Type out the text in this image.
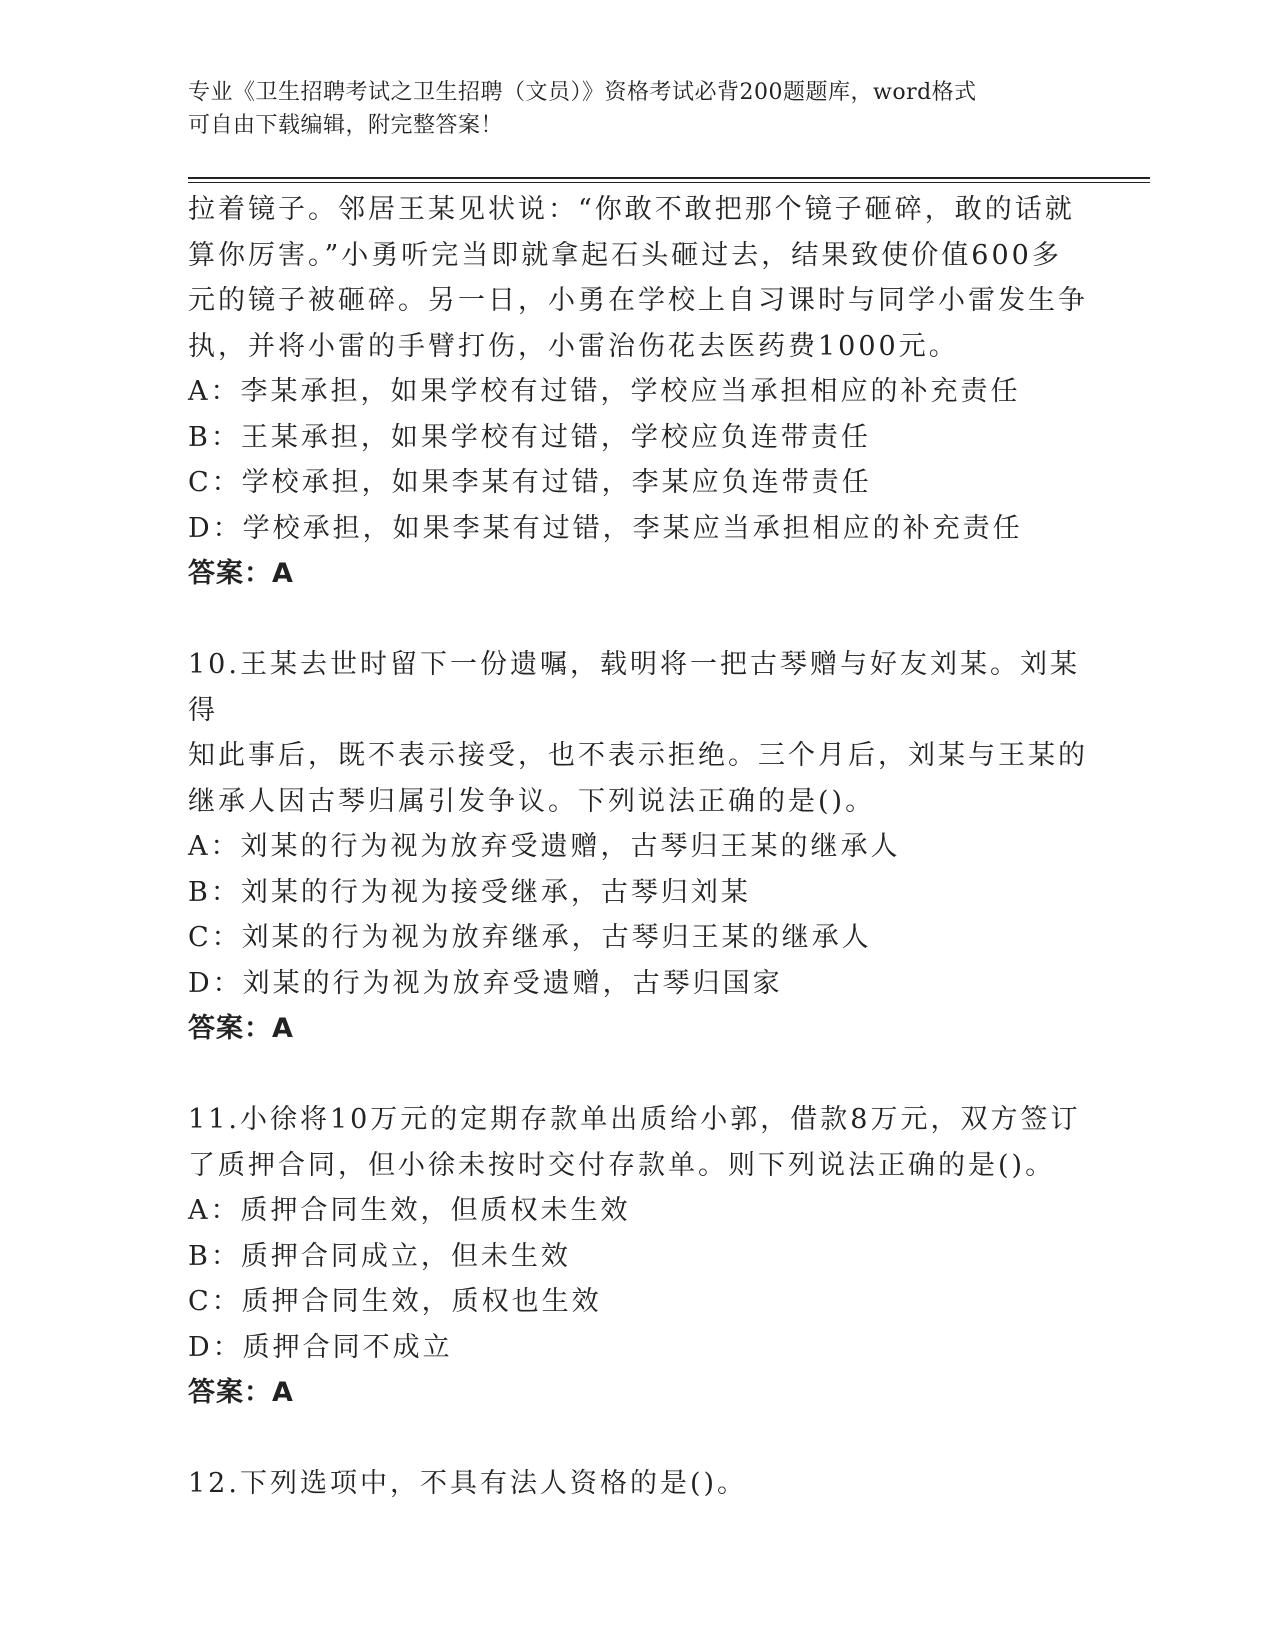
专业《卫生招聘考试之卫生招聘（文员）》资格考试必背200题题库，word格式
可自由下载编辑，附完整答案！

拉着镜子。邻居王某见状说：“你敢不敢把那个镜子砸碎，敢的话就

算你厉害。”小勇听完当即就拿起石头砸过去，结果致使价值600多

元的镜子被砸碎。另一日，小勇在学校上自习课时与同学小雷发生争

执，并将小雷的手臂打伤，小雷治伤花去医药费1000元。

A：李某承担，如果学校有过错，学校应当承担相应的补充责任

B：王某承担，如果学校有过错，学校应负连带责任

C：学校承担，如果李某有过错，李某应负连带责任

D：学校承担，如果李某有过错，李某应当承担相应的补充责任

答案：A

10.王某去世时留下一份遗嘱，载明将一把古琴赠与好友刘某。刘某得

知此事后，既不表示接受，也不表示拒绝。三个月后，刘某与王某的

继承人因古琴归属引发争议。下列说法正确的是()。

A：刘某的行为视为放弃受遗赠，古琴归王某的继承人

B：刘某的行为视为接受继承，古琴归刘某

C：刘某的行为视为放弃继承，古琴归王某的继承人

D：刘某的行为视为放弃受遗赠，古琴归国家

答案：A

11.小徐将10万元的定期存款单出质给小郭，借款8万元，双方签订

了质押合同，但小徐未按时交付存款单。则下列说法正确的是()。

A：质押合同生效，但质权未生效

B：质押合同成立，但未生效

C：质押合同生效，质权也生效

D：质押合同不成立

答案：A

12.下列选项中，不具有法人资格的是()。
